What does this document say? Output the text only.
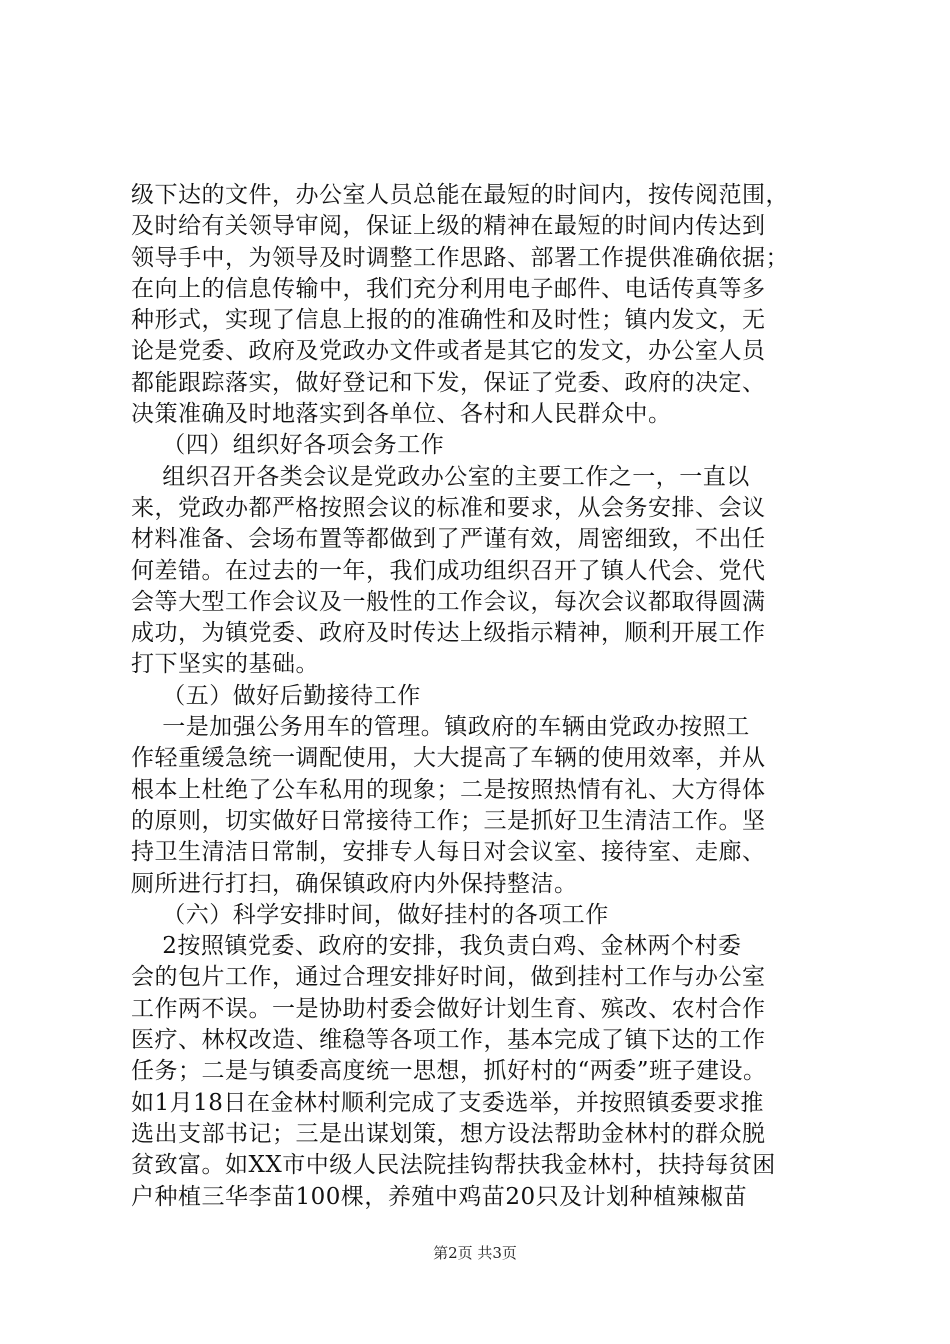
级下达的文件，办公室人员总能在最短的时间内，按传阅范围，
及时给有关领导审阅，保证上级的精神在最短的时间内传达到
领导手中，为领导及时调整工作思路、部署工作提供准确依据；
在向上的信息传输中，我们充分利用电子邮件、电话传真等多
种形式，实现了信息上报的的准确性和及时性；镇内发文，无
论是党委、政府及党政办文件或者是其它的发文，办公室人员
都能跟踪落实，做好登记和下发，保证了党委、政府的决定、
决策准确及时地落实到各单位、各村和人民群众中。
（四）组织好各项会务工作
组织召开各类会议是党政办公室的主要工作之一，一直以
来，党政办都严格按照会议的标准和要求，从会务安排、会议
材料准备、会场布置等都做到了严谨有效，周密细致，不出任
何差错。在过去的一年，我们成功组织召开了镇人代会、党代
会等大型工作会议及一般性的工作会议，每次会议都取得圆满
成功，为镇党委、政府及时传达上级指示精神，顺利开展工作
打下坚实的基础。
（五）做好后勤接待工作
一是加强公务用车的管理。镇政府的车辆由党政办按照工
作轻重缓急统一调配使用，大大提高了车辆的使用效率，并从
根本上杜绝了公车私用的现象；二是按照热情有礼、大方得体
的原则，切实做好日常接待工作；三是抓好卫生清洁工作。坚
持卫生清洁日常制，安排专人每日对会议室、接待室、走廊、
厕所进行打扫，确保镇政府内外保持整洁。
（六）科学安排时间，做好挂村的各项工作
2按照镇党委、政府的安排，我负责白鸡、金林两个村委
会的包片工作，通过合理安排好时间，做到挂村工作与办公室
工作两不误。一是协助村委会做好计划生育、殡改、农村合作
医疗、林权改造、维稳等各项工作，基本完成了镇下达的工作
任务；二是与镇委高度统一思想，抓好村的“两委”班子建设。
如1月18日在金林村顺利完成了支委选举，并按照镇委要求推
选出支部书记；三是出谋划策，想方设法帮助金林村的群众脱
贫致富。如XX市中级人民法院挂钩帮扶我金林村，扶持每贫困
户种植三华李苗100棵，养殖中鸡苗20只及计划种植辣椒苗
第2页 共3页
